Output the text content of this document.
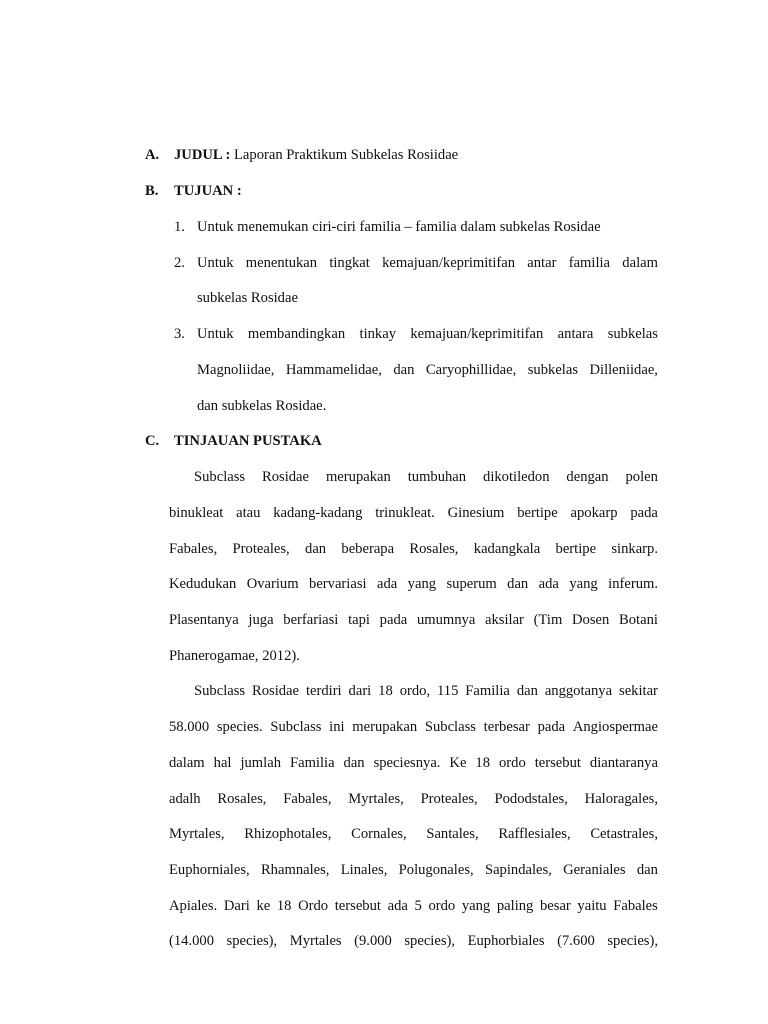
A. JUDUL : Laporan Praktikum Subkelas Rosiidae
B. TUJUAN :
1. Untuk menemukan ciri-ciri familia – familia dalam subkelas Rosidae
2. Untuk menentukan tingkat kemajuan/keprimitifan antar familia dalam
subkelas Rosidae
3. Untuk membandingkan tinkay kemajuan/keprimitifan antara subkelas
Magnoliidae, Hammamelidae, dan Caryophillidae, subkelas Dilleniidae,
dan subkelas Rosidae.
C. TINJAUAN PUSTAKA
Subclass Rosidae merupakan tumbuhan dikotiledon dengan polen
binukleat atau kadang-kadang trinukleat. Ginesium bertipe apokarp pada
Fabales, Proteales, dan beberapa Rosales, kadangkala bertipe sinkarp.
Kedudukan Ovarium bervariasi ada yang superum dan ada yang inferum.
Plasentanya juga berfariasi tapi pada umumnya aksilar (Tim Dosen Botani
Phanerogamae, 2012).
Subclass Rosidae terdiri dari 18 ordo, 115 Familia dan anggotanya sekitar
58.000 species. Subclass ini merupakan Subclass terbesar pada Angiospermae
dalam hal jumlah Familia dan speciesnya. Ke 18 ordo tersebut diantaranya
adalh Rosales, Fabales, Myrtales, Proteales, Pododstales, Haloragales,
Myrtales, Rhizophotales, Cornales, Santales, Rafflesiales, Cetastrales,
Euphorniales, Rhamnales, Linales, Polugonales, Sapindales, Geraniales dan
Apiales. Dari ke 18 Ordo tersebut ada 5 ordo yang paling besar yaitu Fabales
(14.000 species), Myrtales (9.000 species), Euphorbiales (7.600 species),
